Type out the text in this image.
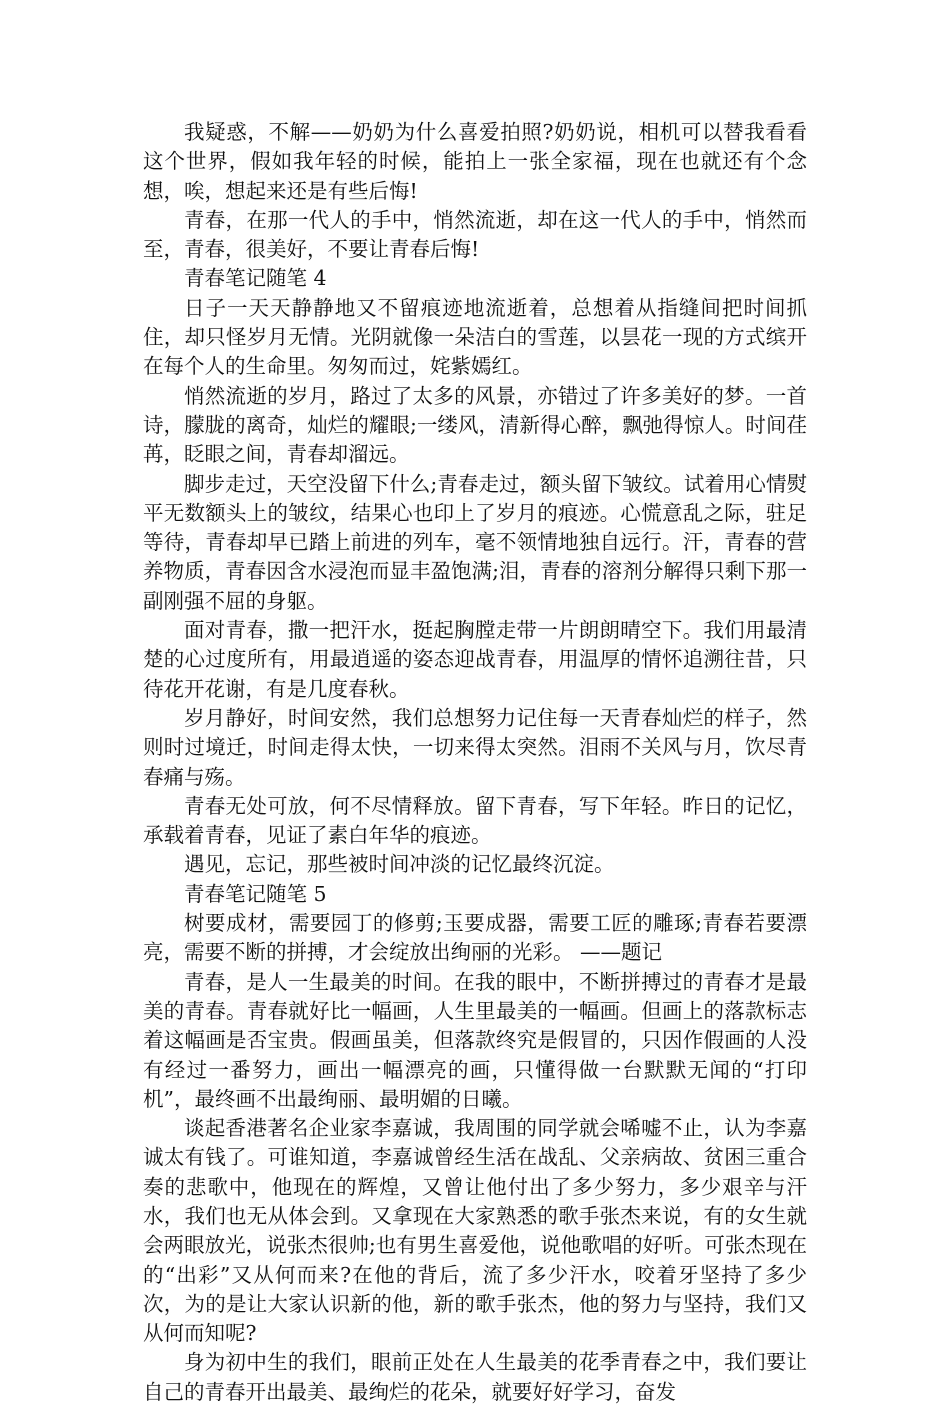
我疑惑，不解——奶奶为什么喜爱拍照?奶奶说，相机可以替我看看这个世界，假如我年轻的时候，能拍上一张全家福，现在也就还有个念想，唉，想起来还是有些后悔!

青春，在那一代人的手中，悄然流逝，却在这一代人的手中，悄然而至，青春，很美好，不要让青春后悔!

青春笔记随笔 4

日子一天天静静地又不留痕迹地流逝着，总想着从指缝间把时间抓住，却只怪岁月无情。光阴就像一朵洁白的雪莲，以昙花一现的方式缤开在每个人的生命里。匆匆而过，姹紫嫣红。

悄然流逝的岁月，路过了太多的风景，亦错过了许多美好的梦。一首诗，朦胧的离奇，灿烂的耀眼;一缕风，清新得心醉，飘弛得惊人。时间荏苒，眨眼之间，青春却溜远。

脚步走过，天空没留下什么;青春走过，额头留下皱纹。试着用心情熨平无数额头上的皱纹，结果心也印上了岁月的痕迹。心慌意乱之际，驻足等待，青春却早已踏上前进的列车，毫不领情地独自远行。汗，青春的营养物质，青春因含水浸泡而显丰盈饱满;泪，青春的溶剂分解得只剩下那一副刚强不屈的身躯。

面对青春，撒一把汗水，挺起胸膛走带一片朗朗晴空下。我们用最清楚的心过度所有，用最逍遥的姿态迎战青春，用温厚的情怀追溯往昔，只待花开花谢，有是几度春秋。

岁月静好，时间安然，我们总想努力记住每一天青春灿烂的样子，然则时过境迁，时间走得太快，一切来得太突然。泪雨不关风与月，饮尽青春痛与殇。

青春无处可放，何不尽情释放。留下青春，写下年轻。昨日的记忆，承载着青春，见证了素白年华的痕迹。

遇见，忘记，那些被时间冲淡的记忆最终沉淀。

青春笔记随笔 5

树要成材，需要园丁的修剪;玉要成器，需要工匠的雕琢;青春若要漂亮，需要不断的拼搏，才会绽放出绚丽的光彩。 ——题记

青春，是人一生最美的时间。在我的眼中，不断拼搏过的青春才是最美的青春。青春就好比一幅画，人生里最美的一幅画。但画上的落款标志着这幅画是否宝贵。假画虽美，但落款终究是假冒的，只因作假画的人没有经过一番努力，画出一幅漂亮的画，只懂得做一台默默无闻的“打印机”，最终画不出最绚丽、最明媚的日曦。

谈起香港著名企业家李嘉诚，我周围的同学就会唏嘘不止，认为李嘉诚太有钱了。可谁知道，李嘉诚曾经生活在战乱、父亲病故、贫困三重合奏的悲歌中，他现在的辉煌，又曾让他付出了多少努力，多少艰辛与汗水，我们也无从体会到。又拿现在大家熟悉的歌手张杰来说，有的女生就会两眼放光，说张杰很帅;也有男生喜爱他，说他歌唱的好听。可张杰现在的“出彩”又从何而来?在他的背后，流了多少汗水，咬着牙坚持了多少次，为的是让大家认识新的他，新的歌手张杰，他的努力与坚持，我们又从何而知呢?

身为初中生的我们，眼前正处在人生最美的花季青春之中，我们要让自己的青春开出最美、最绚烂的花朵，就要好好学习，奋发
